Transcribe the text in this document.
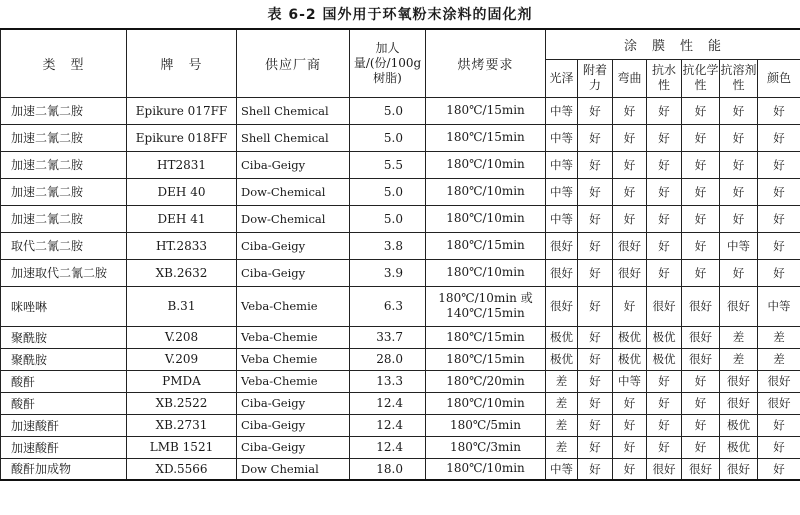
表 6-2 国外用于环氧粉末涂料的固化剂
类　型	牌　号	供应厂商	加人量/(份/100g树脂)	烘烤要求	涂　膜　性　能						
					光泽	附着力	弯曲	抗水性	抗化学性	抗溶剂性	颜色
加速二氰二胺	Epikure 017FF	Shell Chemical	5.0	180℃/15min	中等	好	好	好	好	好	好
加速二氰二胺	Epikure 018FF	Shell Chemical	5.0	180℃/15min	中等	好	好	好	好	好	好
加速二氰二胺	HT2831	Ciba-Geigy	5.5	180℃/10min	中等	好	好	好	好	好	好
加速二氰二胺	DEH 40	Dow-Chemical	5.0	180℃/10min	中等	好	好	好	好	好	好
加速二氰二胺	DEH 41	Dow-Chemical	5.0	180℃/10min	中等	好	好	好	好	好	好
取代二氰二胺	HT.2833	Ciba-Geigy	3.8	180℃/15min	很好	好	很好	好	好	中等	好
加速取代二氰二胺	XB.2632	Ciba-Geigy	3.9	180℃/10min	很好	好	很好	好	好	好	好
咪唑啉	B.31	Veba-Chemie	6.3	180℃/10min 或 140℃/15min	很好	好	好	很好	很好	很好	中等
聚酰胺	V.208	Veba-Chemie	33.7	180℃/15min	极优	好	极优	极优	很好	差	差
聚酰胺	V.209	Veba Chemie	28.0	180℃/15min	极优	好	极优	极优	很好	差	差
酸酐	PMDA	Veba-Chemie	13.3	180℃/20min	差	好	中等	好	好	很好	很好
酸酐	XB.2522	Ciba-Geigy	12.4	180℃/10min	差	好	好	好	好	很好	很好
加速酸酐	XB.2731	Ciba-Geigy	12.4	180℃/5min	差	好	好	好	好	极优	好
加速酸酐	LMB 1521	Ciba-Geigy	12.4	180℃/3min	差	好	好	好	好	极优	好
酸酐加成物	XD.5566	Dow Chemial	18.0	180℃/10min	中等	好	好	很好	很好	很好	好
